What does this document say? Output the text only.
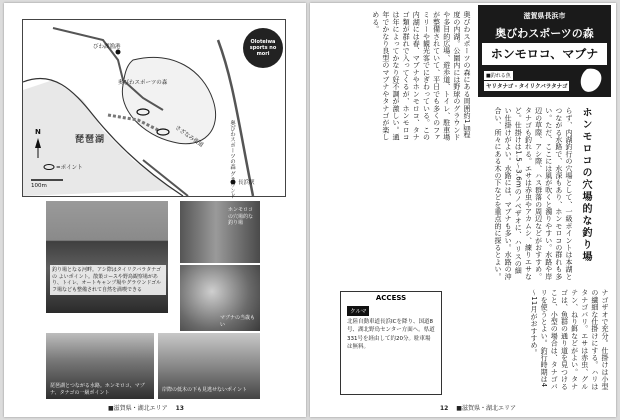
びわ湖漁港
奥びわスポーツの森
奥びわスポーツの森 グラウンド
さざなみ街道
琵琶湖
N
=ポイント
100m	長浜駅
Oloteiwa sports no mori
釣り場となる河畔。アシ際はタイリクバラタナゴの よいポイント。散策コースや野鳥観察場があり、トイレ、オートキャンプ場やグラウンドゴルフ場なども整備されて自然を満喫できる
ホンモロコの穴場的な釣り場
マブナの当歳もい
琵琶湖とつながる水路。ホンモロコ、マブナ、タナゴの一級ポイント	岸際の低木の下も見逃せないポイント
■滋賀県・湖北エリア 13
奥びわスポーツの森にある周囲約1㎞程度の内湖。公園内には野球のグラウンドや多目的広場、遊歩道、トイレ、駐車場が整備されていて、平日でも多くのファミリーや観光客でにぎわっている。この内湖には春、マブナやホンモロコ、タナゴ類が群れで入ってくるが、ホンモロコは年によってかなり好不調が激しい。通年でかなり良型のマブナやタナゴが楽しめる。	滋賀県長浜市
奥びわスポーツの森
ホンモロコ、マブナ
■釣れる魚
ヤリタナゴ・タイリクバラタナゴ
ホンモロコの穴場的な釣り場
らず、内湖釣行の穴場として、一級ポイントは本湖とつながる水路で、水深もあり、ホンモロコの群れも多い。ただ、ここには風が吹くと濁りやすい。水路や岸辺の草際、アシ際、ハス群落の周辺などがおすすめ。タナゴも釣れる。エサは赤虫やアカムシ、練りエサなど。仕掛けは1.5～3.6mのノベザオに、ハリスの細い仕掛けがよい。水路には、マブナも多い。水路の沖合い、所々にある木の下などを重点的に探るとよい。
ナゴザオで充分。仕掛けは小型の繊細な仕掛けにする。ハリはタナゴバリ。エサは赤虫、グルテン、ねり餌などがよい。タナゴは、魚群の通り道を見つけること、小型の場合は、タナゴバリを使うとよい。釣行時期は4～11月がおすすめ。
ACCESS
クルマ
北陸自動車道長浜ICを降り、国道8号、湖北野鳥センター方面へ。県道331号を経由して約20分。駐車場は無料。
12 ■滋賀県・湖北エリア
